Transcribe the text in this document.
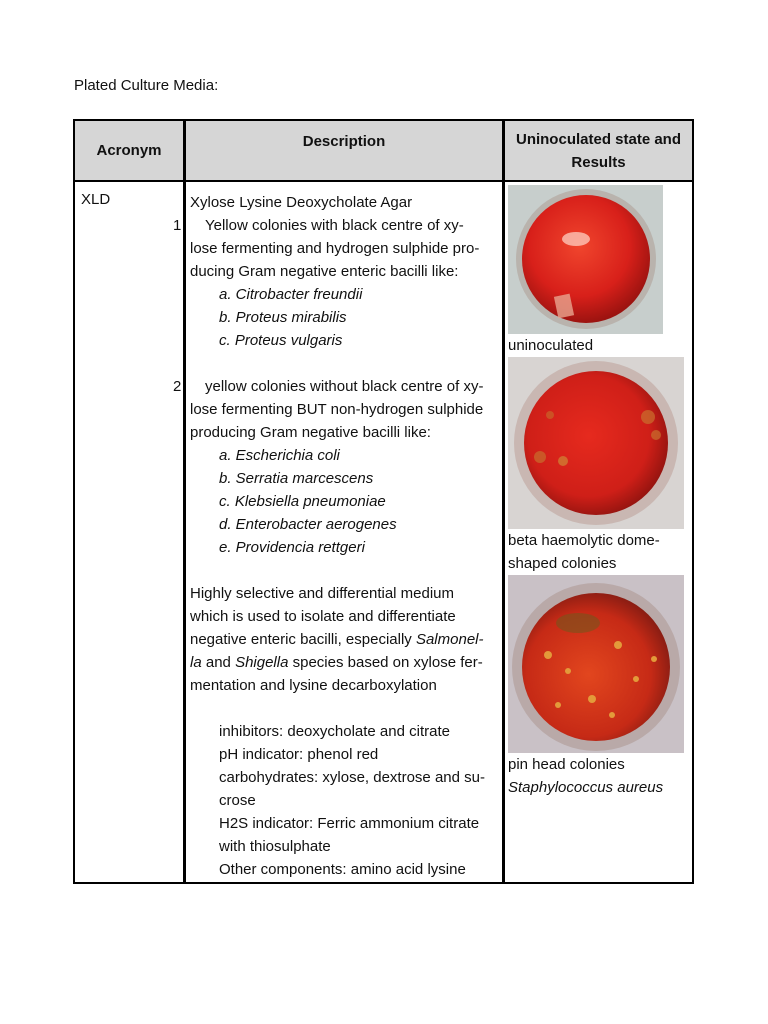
Plated Culture Media:
Acronym
Description	Uninoculated state and
Results
XLD	Xylose Lysine Deoxycholate Agar

1 Yellow colonies with black centre of xy-

lose fermenting and hydrogen sulphide pro-

ducing Gram negative enteric bacilli like:

a. Citrobacter freundii

b. Proteus mirabilis

c. Proteus vulgaris

2 yellow colonies without black centre of xy-

lose fermenting BUT non-hydrogen sulphide

producing Gram negative bacilli like:

a. Escherichia coli

b. Serratia marcescens

c. Klebsiella pneumoniae

d. Enterobacter aerogenes

e. Providencia rettgeri

Highly selective and differential medium

which is used to isolate and differentiate

negative enteric bacilli, especially Salmonel-

la and Shigella species based on xylose fer-

mentation and lysine decarboxylation

inhibitors: deoxycholate and citrate

pH indicator: phenol red

carbohydrates: xylose, dextrose and su-

crose

H2S indicator: Ferric ammonium citrate

with thiosulphate

Other components: amino acid lysine

uninoculated
beta haemolytic dome-
shaped colonies
pin head colonies
Staphylococcus aureus
